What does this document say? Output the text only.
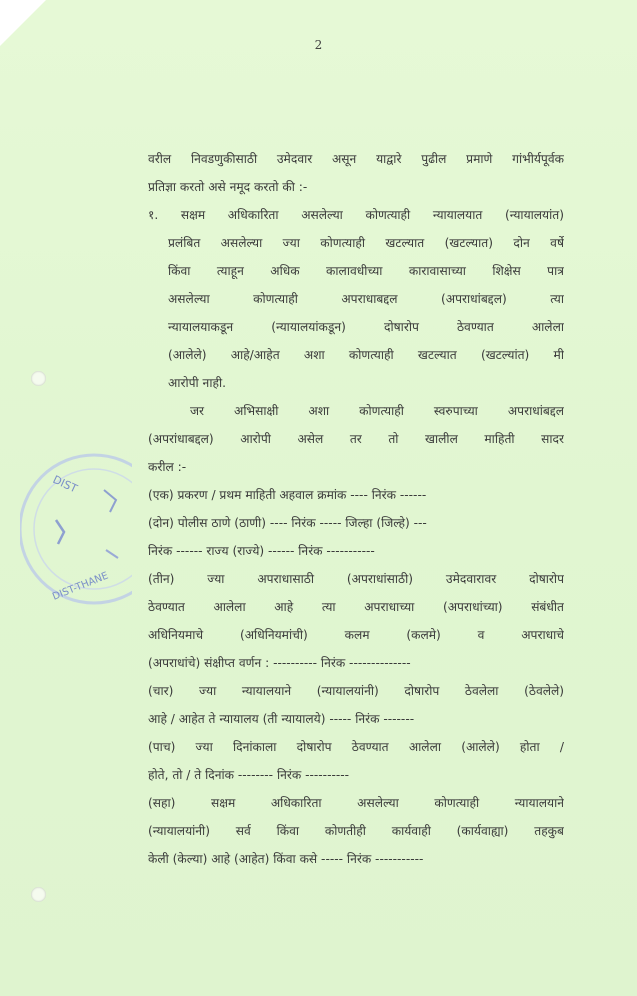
2
DIST
DIST-THANE
वरील निवडणुकीसाठी उमेदवार असून याद्वारे पुढील प्रमाणे गांभीर्यपूर्वक
प्रतिज्ञा करतो असे नमूद करतो की :-
१. सक्षम अधिकारिता असलेल्या कोणत्याही न्यायालयात (न्यायालयांत)
प्रलंबित असलेल्या ज्या कोणत्याही खटल्यात (खटल्यात) दोन वर्षे
किंवा त्याहून अधिक कालावधीच्या कारावासाच्या शिक्षेस पात्र
असलेल्या कोणत्याही अपराधाबद्दल (अपराधांबद्दल) त्या
न्यायालयाकडून (न्यायालयांकडून) दोषारोप ठेवण्यात आलेला
(आलेले) आहे/आहेत अशा कोणत्याही खटल्यात (खटल्यांत) मी
आरोपी नाही.
जर अभिसाक्षी अशा कोणत्याही स्वरुपाच्या अपराधांबद्दल
(अपरांधाबद्दल) आरोपी असेल तर तो खालील माहिती सादर
करील :-
(एक) प्रकरण / प्रथम माहिती अहवाल क्रमांक ---- निरंक ------
(दोन) पोलीस ठाणे (ठाणी) ---- निरंक ----- जिल्हा (जिल्हे) ---
निरंक ------ राज्य (राज्ये) ------ निरंक -----------
(तीन) ज्या अपराधासाठी (अपराधांसाठी) उमेदवारावर दोषारोप
ठेवण्यात आलेला आहे त्या अपराधाच्या (अपराधांच्या) संबंधीत
अधिनियमाचे (अधिनियमांची) कलम (कलमे) व अपराधाचे
(अपराधांचे) संक्षीप्त वर्णन : ---------- निरंक --------------
(चार) ज्या न्यायालयाने (न्यायालयांनी) दोषारोप ठेवलेला (ठेवलेले)
आहे / आहेत ते न्यायालय (ती न्यायालये) ----- निरंक -------
(पाच) ज्या दिनांकाला दोषारोप ठेवण्यात आलेला (आलेले) होता /
होते, तो / ते दिनांक -------- निरंक ----------
(सहा) सक्षम अधिकारिता असलेल्या कोणत्याही न्यायालयाने
(न्यायालयांनी) सर्व किंवा कोणतीही कार्यवाही (कार्यवाह्या) तहकुब
केली (केल्या) आहे (आहेत) किंवा कसे ----- निरंक -----------
